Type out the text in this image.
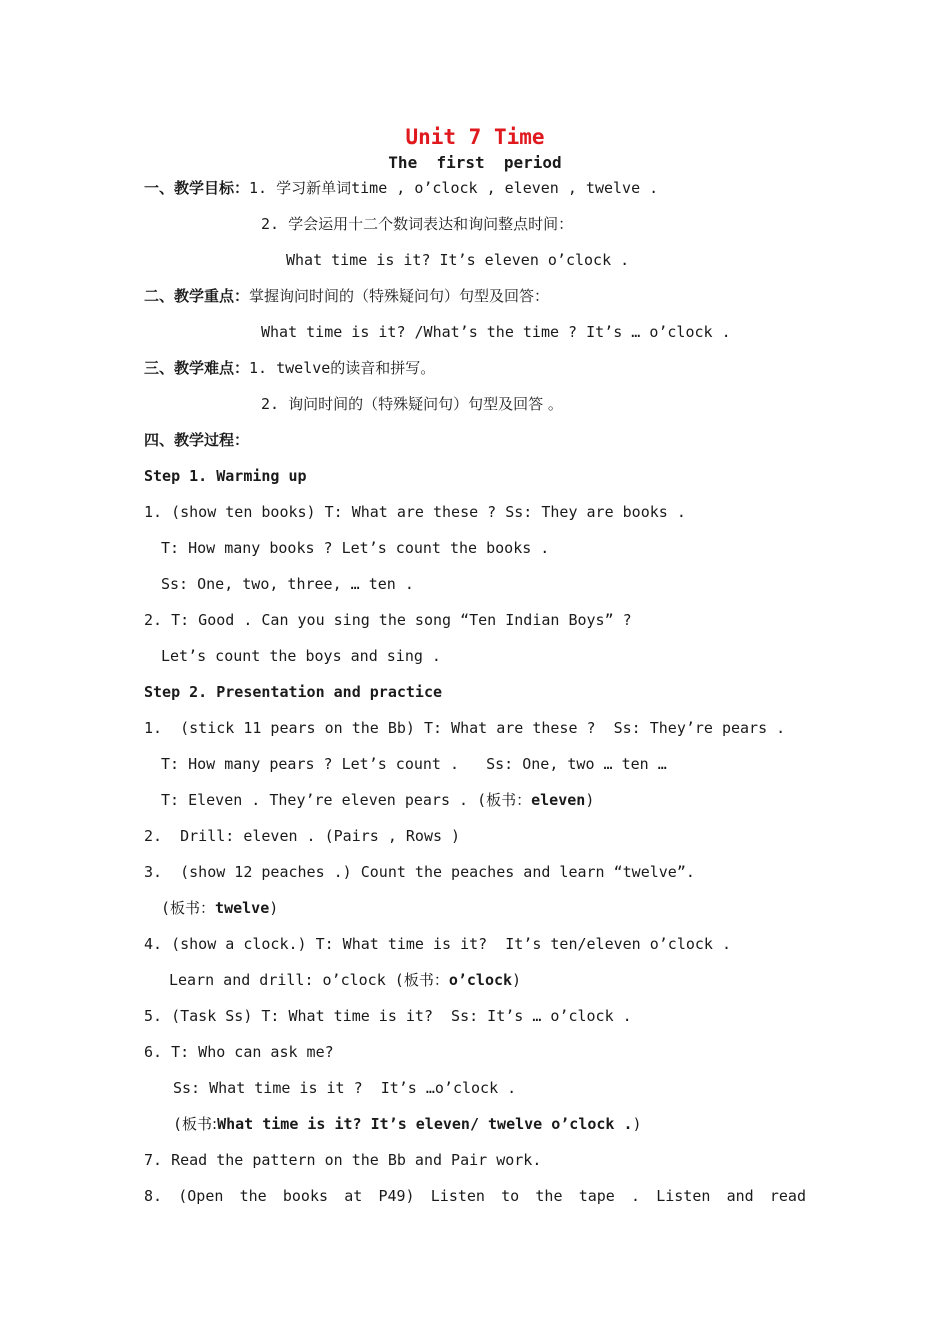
Unit 7 Time
The  first  period
一、教学目标：1. 学习新单词time , o’clock , eleven , twelve .
2. 学会运用十二个数词表达和询问整点时间：
What time is it? It’s eleven o’clock .
二、教学重点：掌握询问时间的（特殊疑问句）句型及回答：
What time is it? /What’s the time ? It’s … o’clock .
三、教学难点：1. twelve的读音和拼写。
2. 询问时间的（特殊疑问句）句型及回答 。
四、教学过程：
Step 1. Warming up
1. (show ten books) T: What are these ? Ss: They are books .
T: How many books ? Let’s count the books .
Ss: One, two, three, … ten .
2. T: Good . Can you sing the song “Ten Indian Boys” ?
Let’s count the boys and sing .
Step 2. Presentation and practice
1.  (stick 11 pears on the Bb) T: What are these ?  Ss: They’re pears .
T: How many pears ? Let’s count .   Ss: One, two … ten …
T: Eleven . They’re eleven pears . (板书：eleven)
2.  Drill: eleven . (Pairs , Rows )
3.  (show 12 peaches .) Count the peaches and learn “twelve”.
(板书：twelve)
4. (show a clock.) T: What time is it?  It’s ten/eleven o’clock .
Learn and drill: o’clock (板书：o’clock)
5. (Task Ss) T: What time is it?  Ss: It’s … o’clock .
6. T: Who can ask me?
Ss: What time is it ?  It’s …o’clock .
(板书:What time is it? It’s eleven/ twelve o’clock .)
7. Read the pattern on the Bb and Pair work.
8. (Open the books at P49) Listen to the tape . Listen and read
